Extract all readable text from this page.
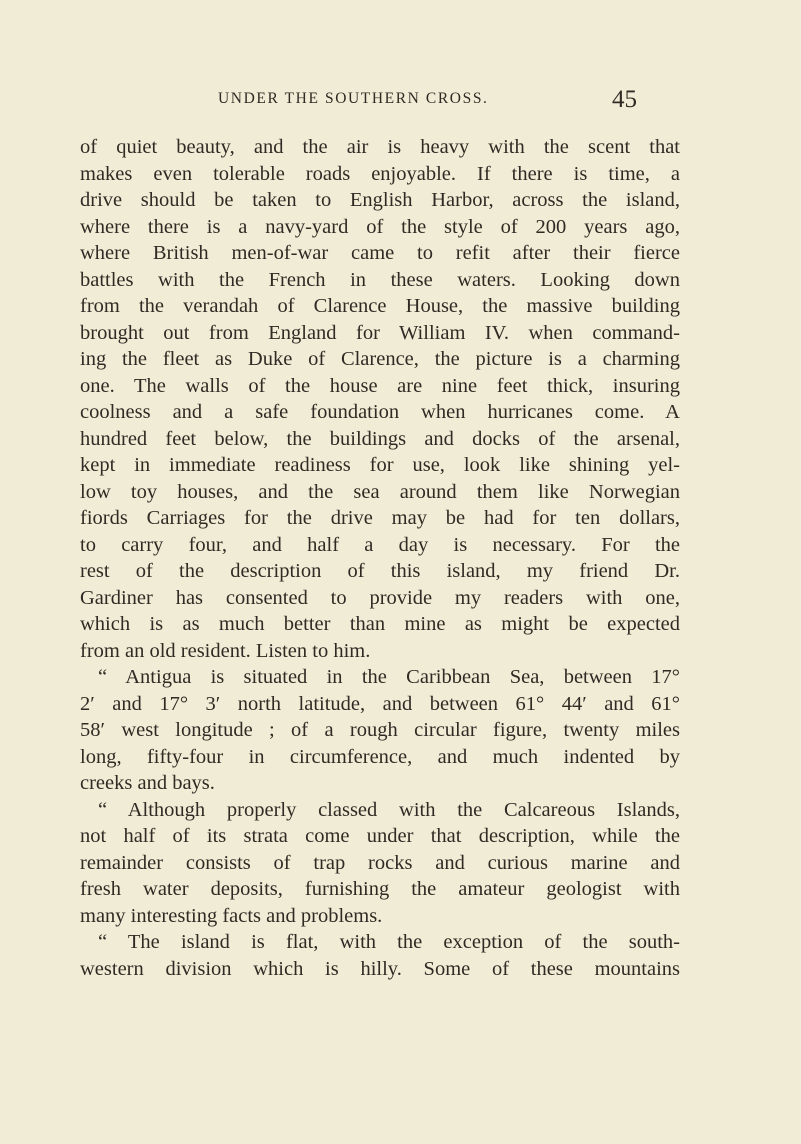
UNDER THE SOUTHERN CROSS.	45
of quiet beauty, and the air is heavy with the scent that
makes even tolerable roads enjoyable. If there is time, a
drive should be taken to English Harbor, across the island,
where there is a navy-yard of the style of 200 years ago,
where British men-of-war came to refit after their fierce
battles with the French in these waters. Looking down
from the verandah of Clarence House, the massive building
brought out from England for William IV. when command-
ing the fleet as Duke of Clarence, the picture is a charming
one. The walls of the house are nine feet thick, insuring
coolness and a safe foundation when hurricanes come. A
hundred feet below, the buildings and docks of the arsenal,
kept in immediate readiness for use, look like shining yel-
low toy houses, and the sea around them like Norwegian
fiords Carriages for the drive may be had for ten dollars,
to carry four, and half a day is necessary. For the
rest of the description of this island, my friend Dr.
Gardiner has consented to provide my readers with one,
which is as much better than mine as might be expected
from an old resident. Listen to him.
“ Antigua is situated in the Caribbean Sea, between 17°
2′ and 17° 3′ north latitude, and between 61° 44′ and 61°
58′ west longitude ; of a rough circular figure, twenty miles
long, fifty-four in circumference, and much indented by
creeks and bays.
“ Although properly classed with the Calcareous Islands,
not half of its strata come under that description, while the
remainder consists of trap rocks and curious marine and
fresh water deposits, furnishing the amateur geologist with
many interesting facts and problems.
“ The island is flat, with the exception of the south-
western division which is hilly. Some of these mountains
